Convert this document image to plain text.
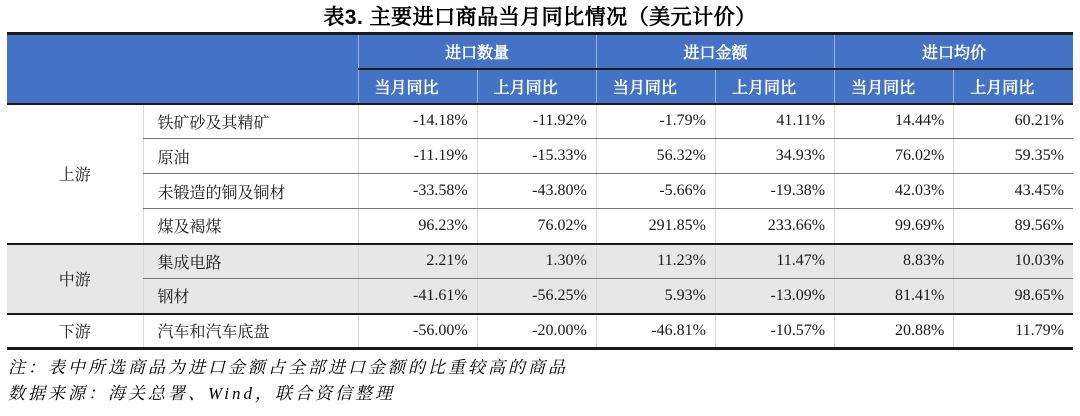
表3. 主要进口商品当月同比情况（美元计价）
		进口数量		进口金额		进口均价	
		当月同比	上月同比	当月同比	上月同比	当月同比	上月同比
上游	铁矿砂及其精矿	-14.18%	-11.92%	-1.79%	41.11%	14.44%	60.21%
	原油	-11.19%	-15.33%	56.32%	34.93%	76.02%	59.35%
	未锻造的铜及铜材	-33.58%	-43.80%	-5.66%	-19.38%	42.03%	43.45%
	煤及褐煤	96.23%	76.02%	291.85%	233.66%	99.69%	89.56%
中游	集成电路	2.21%	1.30%	11.23%	11.47%	8.83%	10.03%
	钢材	-41.61%	-56.25%	5.93%	-13.09%	81.41%	98.65%
下游	汽车和汽车底盘	-56.00%	-20.00%	-46.81%	-10.57%	20.88%	11.79%

注：表中所选商品为进口金额占全部进口金额的比重较高的商品

数据来源：海关总署、Wind，联合资信整理
